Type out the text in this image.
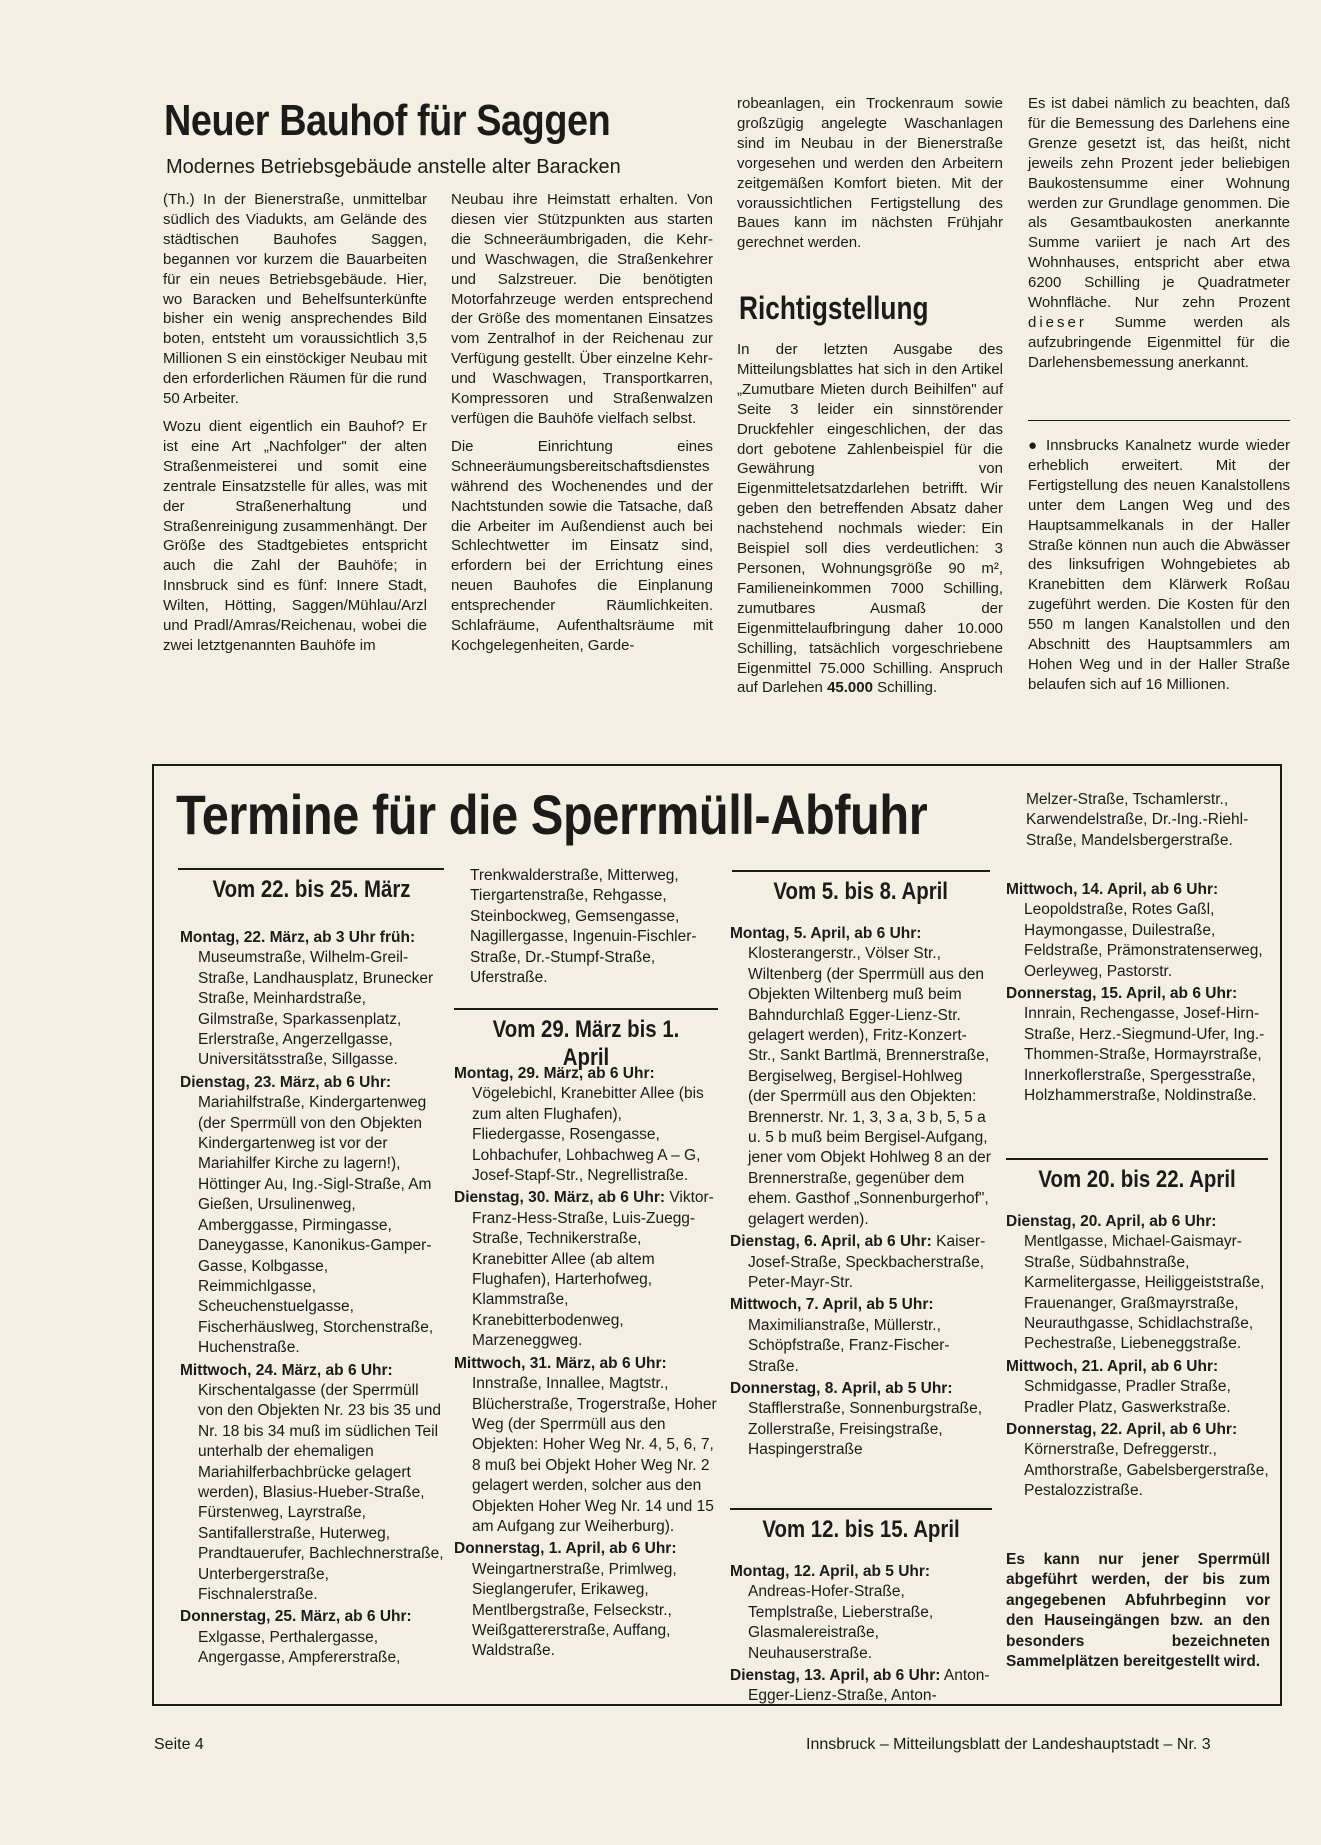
Neuer Bauhof für Saggen
Modernes Betriebsgebäude anstelle alter Baracken

(Th.) In der Bienerstraße, unmittelbar südlich des Viadukts, am Gelände des städtischen Bauhofes Saggen, begannen vor kurzem die Bauarbeiten für ein neues Betriebsgebäude. Hier, wo Baracken und Behelfsunterkünfte bisher ein wenig ansprechendes Bild boten, entsteht um voraussichtlich 3,5 Millionen S ein einstöckiger Neubau mit den erforderlichen Räumen für die rund 50 Arbeiter.

Wozu dient eigentlich ein Bauhof? Er ist eine Art „Nachfolger" der alten Straßenmeisterei und somit eine zentrale Einsatzstelle für alles, was mit der Straßenerhaltung und Straßenreinigung zusammenhängt. Der Größe des Stadtgebietes entspricht auch die Zahl der Bauhöfe; in Innsbruck sind es fünf: Innere Stadt, Wilten, Hötting, Saggen/Mühlau/Arzl und Pradl/Amras/Reichenau, wobei die zwei letztgenannten Bauhöfe im

Neubau ihre Heimstatt erhalten. Von diesen vier Stützpunkten aus starten die Schneeräumbrigaden, die Kehr- und Waschwagen, die Straßenkehrer und Salzstreuer. Die benötigten Motorfahrzeuge werden entsprechend der Größe des momentanen Einsatzes vom Zentralhof in der Reichenau zur Verfügung gestellt. Über einzelne Kehr- und Waschwagen, Transportkarren, Kompressoren und Straßenwalzen verfügen die Bauhöfe vielfach selbst.

Die Einrichtung eines Schneeräumungsbereitschaftsdienstes während des Wochenendes und der Nachtstunden sowie die Tatsache, daß die Arbeiter im Außendienst auch bei Schlechtwetter im Einsatz sind, erfordern bei der Errichtung eines neuen Bauhofes die Einplanung entsprechender Räumlichkeiten. Schlafräume, Aufenthaltsräume mit Kochgelegenheiten, Garde-

robeanlagen, ein Trockenraum sowie großzügig angelegte Waschanlagen sind im Neubau in der Bienerstraße vorgesehen und werden den Arbeitern zeitgemäßen Komfort bieten. Mit der voraussichtlichen Fertigstellung des Baues kann im nächsten Frühjahr gerechnet werden.

Richtigstellung

In der letzten Ausgabe des Mitteilungsblattes hat sich in den Artikel „Zumutbare Mieten durch Beihilfen" auf Seite 3 leider ein sinnstörender Druckfehler eingeschlichen, der das dort gebotene Zahlenbeispiel für die Gewährung von Eigenmitteletsatzdarlehen betrifft. Wir geben den betreffenden Absatz daher nachstehend nochmals wieder: Ein Beispiel soll dies verdeutlichen: 3 Personen, Wohnungsgröße 90 m², Familieneinkommen 7000 Schilling, zumutbares Ausmaß der Eigenmittelaufbringung daher 10.000 Schilling, tatsächlich vorgeschriebene Eigenmittel 75.000 Schilling. Anspruch auf Darlehen 45.000 Schilling.

Es ist dabei nämlich zu beachten, daß für die Bemessung des Darlehens eine Grenze gesetzt ist, das heißt, nicht jeweils zehn Prozent jeder beliebigen Baukostensumme einer Wohnung werden zur Grundlage genommen. Die als Gesamtbaukosten anerkannte Summe variiert je nach Art des Wohnhauses, entspricht aber etwa 6200 Schilling je Quadratmeter Wohnfläche. Nur zehn Prozent dieser Summe werden als aufzubringende Eigenmittel für die Darlehensbemessung anerkannt.

● Innsbrucks Kanalnetz wurde wieder erheblich erweitert. Mit der Fertigstellung des neuen Kanalstollens unter dem Langen Weg und des Hauptsammelkanals in der Haller Straße können nun auch die Abwässer des linksufrigen Wohngebietes ab Kranebitten dem Klärwerk Roßau zugeführt werden. Die Kosten für den 550 m langen Kanalstollen und den Abschnitt des Hauptsammlers am Hohen Weg und in der Haller Straße belaufen sich auf 16 Millionen.

Termine für die Sperrmüll-Abfuhr
Vom 22. bis 25. März

Montag, 22. März, ab 3 Uhr früh: Museumstraße, Wilhelm-Greil-Straße, Landhausplatz, Brunecker Straße, Meinhardstraße, Gilmstraße, Sparkassenplatz, Erlerstraße, Angerzellgasse, Universitätsstraße, Sillgasse.

Dienstag, 23. März, ab 6 Uhr: Mariahilfstraße, Kindergartenweg (der Sperrmüll von den Objekten Kindergartenweg ist vor der Mariahilfer Kirche zu lagern!), Höttinger Au, Ing.-Sigl-Straße, Am Gießen, Ursulinenweg, Amberggasse, Pirmingasse, Daneygasse, Kanonikus-Gamper-Gasse, Kolbgasse, Reimmichlgasse, Scheuchenstuelgasse, Fischerhäuslweg, Storchenstraße, Huchenstraße.

Mittwoch, 24. März, ab 6 Uhr: Kirschentalgasse (der Sperrmüll von den Objekten Nr. 23 bis 35 und Nr. 18 bis 34 muß im südlichen Teil unterhalb der ehemaligen Mariahilferbachbrücke gelagert werden), Blasius-Hueber-Straße, Fürstenweg, Layrstraße, Santifallerstraße, Huterweg, Prandtauerufer, Bachlechnerstraße, Unterbergerstraße, Fischnalerstraße.

Donnerstag, 25. März, ab 6 Uhr: Exlgasse, Perthalergasse, Angergasse, Ampfererstraße,

Trenkwalderstraße, Mitterweg, Tiergartenstraße, Rehgasse, Steinbockweg, Gemsengasse, Nagillergasse, Ingenuin-Fischler-Straße, Dr.-Stumpf-Straße, Uferstraße.

Vom 29. März bis 1. April

Montag, 29. März, ab 6 Uhr: Vögelebichl, Kranebitter Allee (bis zum alten Flughafen), Fliedergasse, Rosengasse, Lohbachufer, Lohbachweg A – G, Josef-Stapf-Str., Negrellistraße.

Dienstag, 30. März, ab 6 Uhr: Viktor-Franz-Hess-Straße, Luis-Zuegg-Straße, Technikerstraße, Kranebitter Allee (ab altem Flughafen), Harterhofweg, Klammstraße, Kranebitterbodenweg, Marzeneggweg.

Mittwoch, 31. März, ab 6 Uhr: Innstraße, Innallee, Magtstr., Blücherstraße, Trogerstraße, Hoher Weg (der Sperrmüll aus den Objekten: Hoher Weg Nr. 4, 5, 6, 7, 8 muß bei Objekt Hoher Weg Nr. 2 gelagert werden, solcher aus den Objekten Hoher Weg Nr. 14 und 15 am Aufgang zur Weiherburg).

Donnerstag, 1. April, ab 6 Uhr: Weingartnerstraße, Primlweg, Sieglangerufer, Erikaweg, Mentlbergstraße, Felseckstr., Weißgattererstraße, Auffang, Waldstraße.

Vom 5. bis 8. April

Montag, 5. April, ab 6 Uhr: Klosterangerstr., Völser Str., Wiltenberg (der Sperrmüll aus den Objekten Wiltenberg muß beim Bahndurchlaß Egger-Lienz-Str. gelagert werden), Fritz-Konzert-Str., Sankt Bartlmä, Brennerstraße, Bergiselweg, Bergisel-Hohlweg (der Sperrmüll aus den Objekten: Brennerstr. Nr. 1, 3, 3 a, 3 b, 5, 5 a u. 5 b muß beim Bergisel-Aufgang, jener vom Objekt Hohlweg 8 an der Brennerstraße, gegenüber dem ehem. Gasthof „Sonnenburgerhof", gelagert werden).

Dienstag, 6. April, ab 6 Uhr: Kaiser-Josef-Straße, Speckbacherstraße, Peter-Mayr-Str.

Mittwoch, 7. April, ab 5 Uhr: Maximilianstraße, Müllerstr., Schöpfstraße, Franz-Fischer-Straße.

Donnerstag, 8. April, ab 5 Uhr: Stafflerstraße, Sonnenburgstraße, Zollerstraße, Freisingstraße, Haspingerstraße

Vom 12. bis 15. April

Montag, 12. April, ab 5 Uhr: Andreas-Hofer-Straße, Templstraße, Lieberstraße, Glasmalereistraße, Neuhauserstraße.

Dienstag, 13. April, ab 6 Uhr: Anton-Egger-Lienz-Straße, Anton-

Melzer-Straße, Tschamlerstr., Karwendelstraße, Dr.-Ing.-Riehl-Straße, Mandelsbergerstraße.

Mittwoch, 14. April, ab 6 Uhr: Leopoldstraße, Rotes Gaßl, Haymongasse, Duilestraße, Feldstraße, Prämonstratenserweg, Oerleyweg, Pastorstr.

Donnerstag, 15. April, ab 6 Uhr: Innrain, Rechengasse, Josef-Hirn-Straße, Herz.-Siegmund-Ufer, Ing.-Thommen-Straße, Hormayrstraße, Innerkoflerstraße, Spergesstraße, Holzhammerstraße, Noldinstraße.

Vom 20. bis 22. April

Dienstag, 20. April, ab 6 Uhr: Mentlgasse, Michael-Gaismayr-Straße, Südbahnstraße, Karmelitergasse, Heiliggeiststraße, Frauenanger, Graßmayrstraße, Neurauthgasse, Schidlachstraße, Pechestraße, Liebeneggstraße.

Mittwoch, 21. April, ab 6 Uhr: Schmidgasse, Pradler Straße, Pradler Platz, Gaswerkstraße.

Donnerstag, 22. April, ab 6 Uhr: Körnerstraße, Defreggerstr., Amthorstraße, Gabelsbergerstraße, Pestalozzistraße.

Es kann nur jener Sperrmüll abgeführt werden, der bis zum angegebenen Abfuhrbeginn vor den Hauseingängen bzw. an den besonders bezeichneten Sammelplätzen bereitgestellt wird.
Seite 4	Innsbruck – Mitteilungsblatt der Landeshauptstadt – Nr. 3
